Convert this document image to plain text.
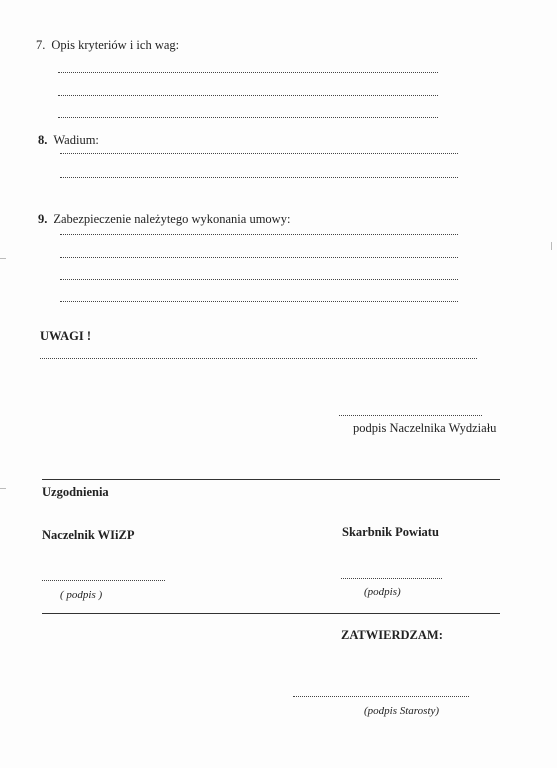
7. Opis kryteriów i ich wag:
8. Wadium:
9. Zabezpieczenie należytego wykonania umowy:
UWAGI !
podpis Naczelnika Wydziału
Uzgodnienia
Naczelnik WIiZP	Skarbnik Powiatu
( podpis )	(podpis)
ZATWIERDZAM:
(podpis Starosty)
